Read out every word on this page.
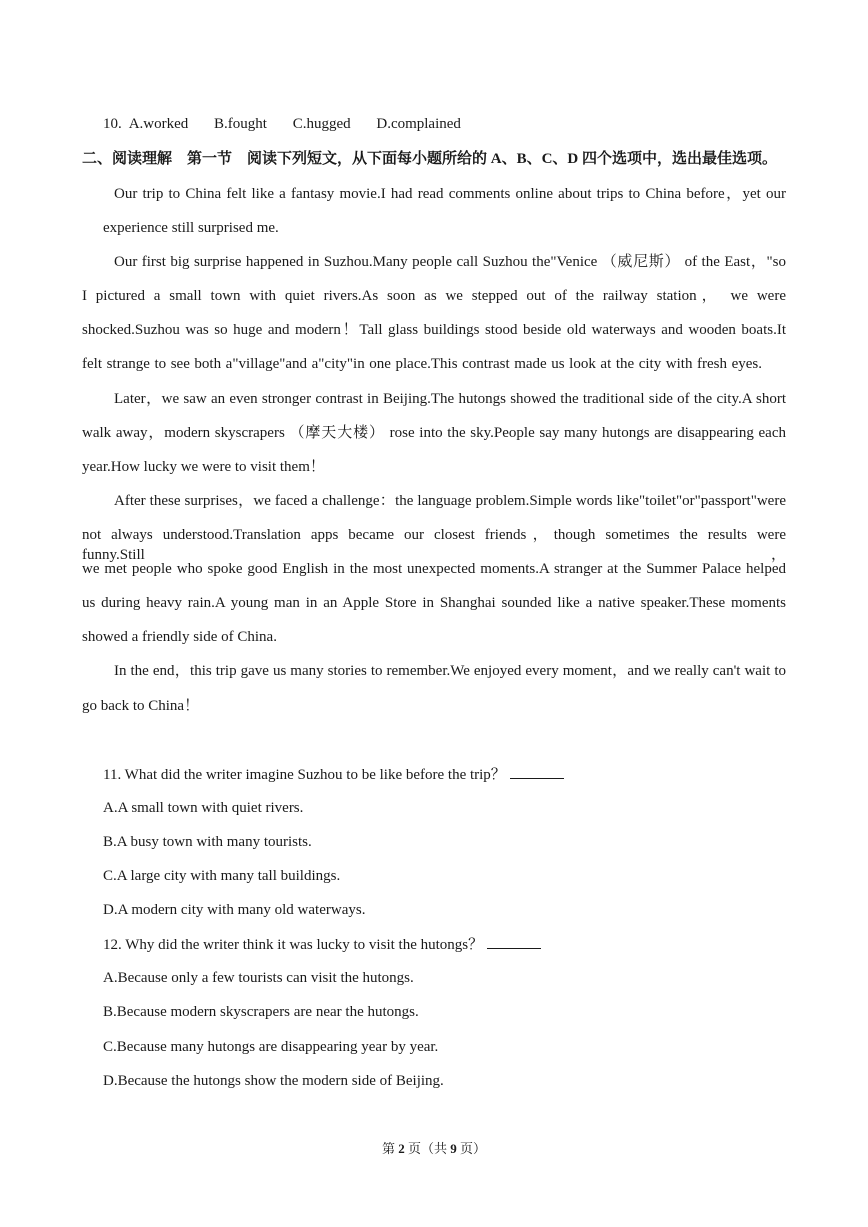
10. A.worked B.fought C.hugged D.complained
二、阅读理解　第一节　阅读下列短文，从下面每小题所给的 A、B、C、D 四个选项中，选出最佳选项。
Our trip to China felt like a fantasy movie.I had read comments online about trips to China before，yet our
experience still surprised me.
Our first big surprise happened in Suzhou.Many people call Suzhou the"Venice （威尼斯） of the East，"so
I pictured a small town with quiet rivers.As soon as we stepped out of the railway station， we were
shocked.Suzhou was so huge and modern！Tall glass buildings stood beside old waterways and wooden boats.It
felt strange to see both a"village"and a"city"in one place.This contrast made us look at the city with fresh eyes.
Later，we saw an even stronger contrast in Beijing.The hutongs showed the traditional side of the city.A short
walk away，modern skyscrapers （摩天大楼） rose into the sky.People say many hutongs are disappearing each
year.How lucky we were to visit them！
After these surprises，we faced a challenge：the language problem.Simple words like"toilet"or"passport"were
not always understood.Translation apps became our closest friends，though sometimes the results were funny.Still，
we met people who spoke good English in the most unexpected moments.A stranger at the Summer Palace helped
us during heavy rain.A young man in an Apple Store in Shanghai sounded like a native speaker.These moments
showed a friendly side of China.
In the end，this trip gave us many stories to remember.We enjoyed every moment，and we really can't wait to
go back to China！
11. What did the writer imagine Suzhou to be like before the trip？
A.A small town with quiet rivers.
B.A busy town with many tourists.
C.A large city with many tall buildings.
D.A modern city with many old waterways.
12. Why did the writer think it was lucky to visit the hutongs？
A.Because only a few tourists can visit the hutongs.
B.Because modern skyscrapers are near the hutongs.
C.Because many hutongs are disappearing year by year.
D.Because the hutongs show the modern side of Beijing.
第 2 页（共 9 页）
